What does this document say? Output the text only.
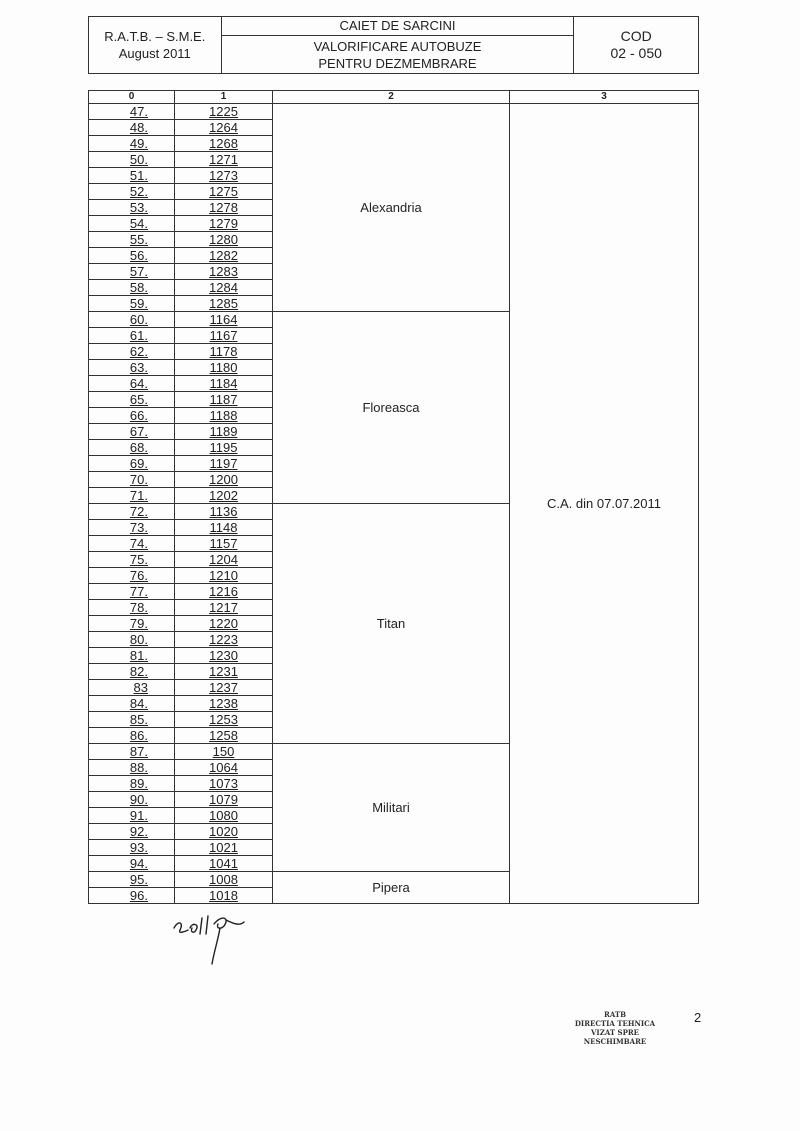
R.A.T.B. – S.M.E.
August 2011
CAIET DE SARCINI
VALORIFICARE AUTOBUZE
PENTRU DEZMEMBRARE
COD
02 - 050
0	1	2	3
47.	1225	Alexandria	C.A. din 07.07.2011
48.	1264		
49.	1268		
50.	1271		
51.	1273		
52.	1275		
53.	1278		
54.	1279		
55.	1280		
56.	1282		
57.	1283		
58.	1284		
59.	1285		
60.	1164	Floreasca	
61.	1167		
62.	1178		
63.	1180		
64.	1184		
65.	1187		
66.	1188		
67.	1189		
68.	1195		
69.	1197		
70.	1200		
71.	1202		
72.	1136	Titan	
73.	1148		
74.	1157		
75.	1204		
76.	1210		
77.	1216		
78.	1217		
79.	1220		
80.	1223		
81.	1230		
82.	1231		
83	1237		
84.	1238		
85.	1253		
86.	1258		
87.	150	Militari	
88.	1064		
89.	1073		
90.	1079		
91.	1080		
92.	1020		
93.	1021		
94.	1041		
95.	1008	Pipera	
96.	1018		
RATB
DIRECTIA TEHNICA
VIZAT SPRE NESCHIMBARE
2
